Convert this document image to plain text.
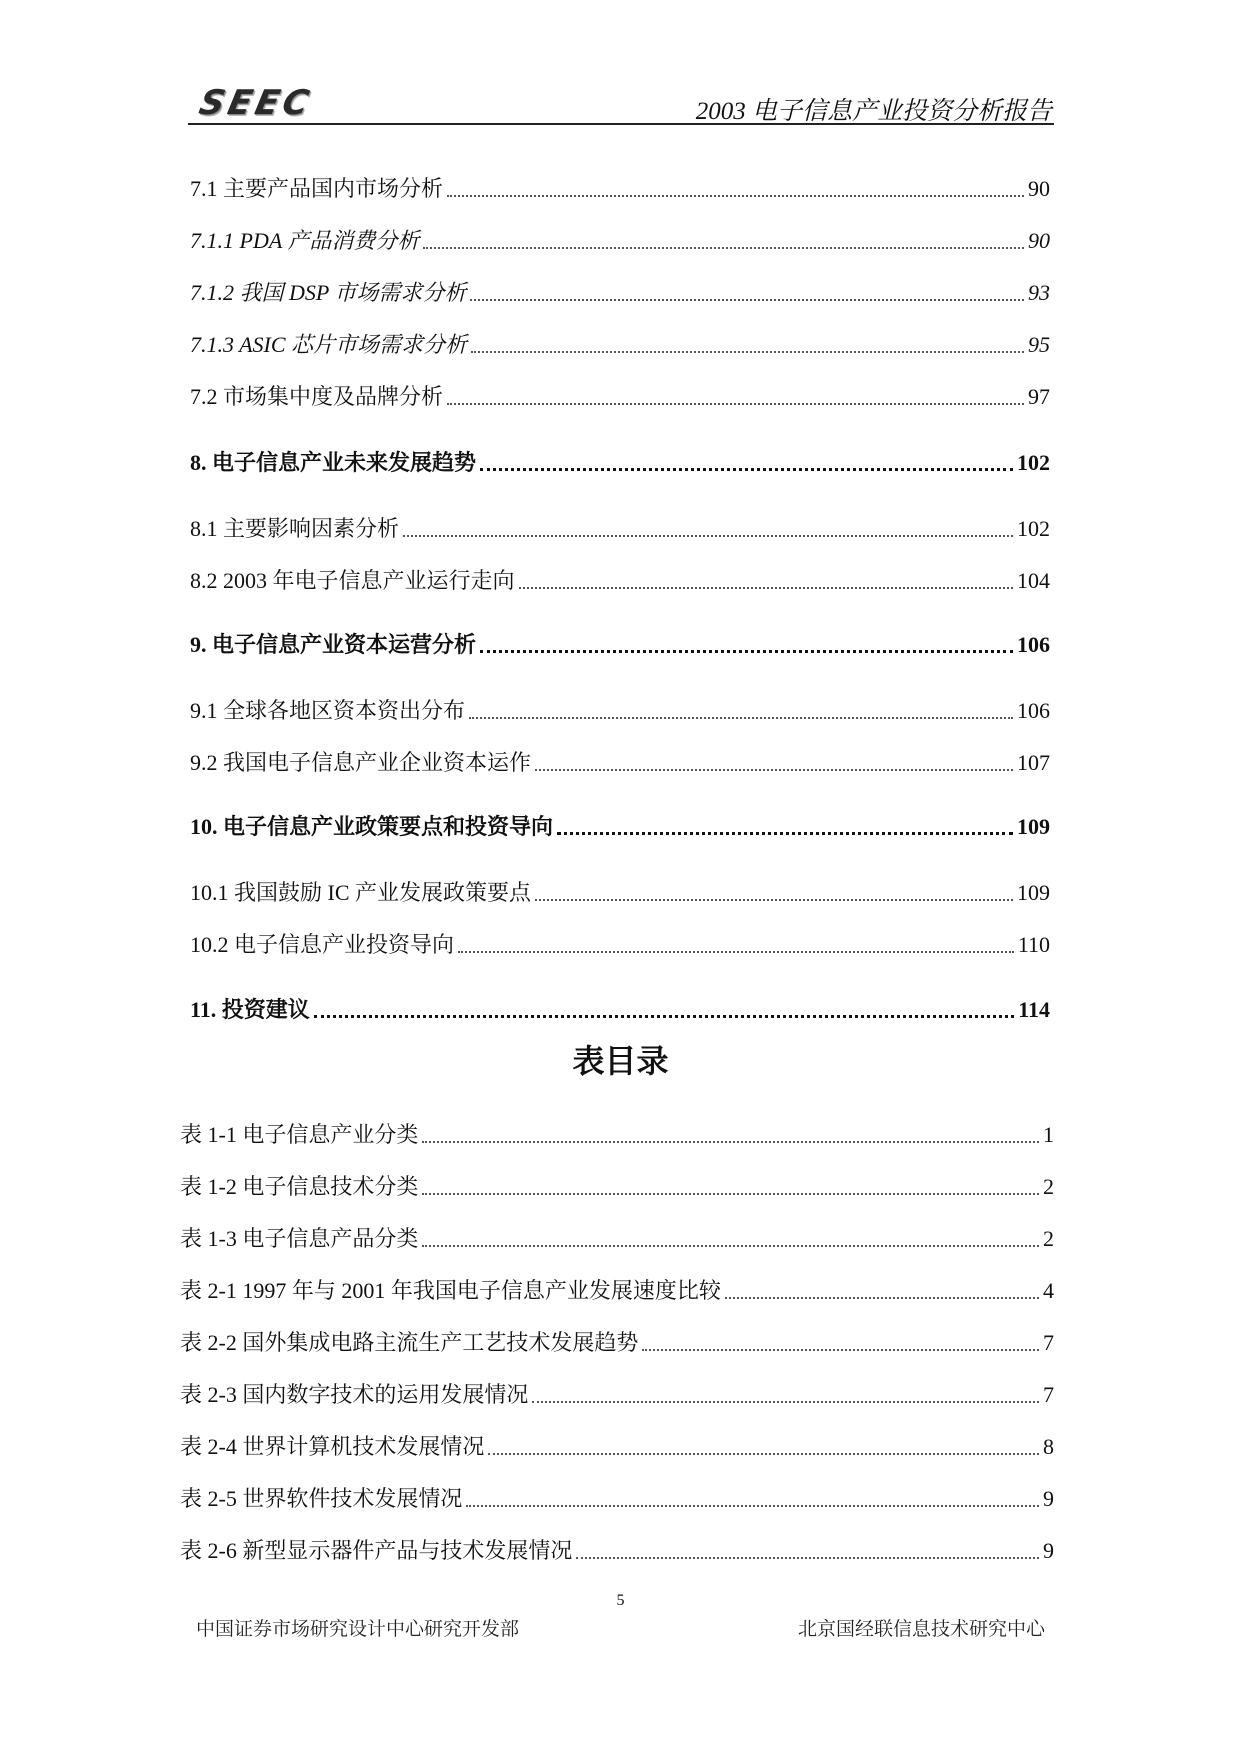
SEEC	2003 电子信息产业投资分析报告
7.1 主要产品国内市场分析	90
7.1.1 PDA 产品消费分析	90
7.1.2 我国 DSP 市场需求分析	93
7.1.3 ASIC 芯片市场需求分析	95
7.2 市场集中度及品牌分析	97
8. 电子信息产业未来发展趋势	102
8.1 主要影响因素分析	102
8.2 2003 年电子信息产业运行走向	104
9. 电子信息产业资本运营分析	106
9.1 全球各地区资本资出分布	106
9.2 我国电子信息产业企业资本运作	107
10. 电子信息产业政策要点和投资导向	109
10.1 我国鼓励 IC 产业发展政策要点	109
10.2 电子信息产业投资导向	110
11. 投资建议	114
表目录
表 1-1 电子信息产业分类	1
表 1-2 电子信息技术分类	2
表 1-3 电子信息产品分类	2
表 2-1 1997 年与 2001 年我国电子信息产业发展速度比较	4
表 2-2 国外集成电路主流生产工艺技术发展趋势	7
表 2-3 国内数字技术的运用发展情况	7
表 2-4 世界计算机技术发展情况	8
表 2-5 世界软件技术发展情况	9
表 2-6 新型显示器件产品与技术发展情况	9
5
中国证券市场研究设计中心研究开发部	北京国经联信息技术研究中心
